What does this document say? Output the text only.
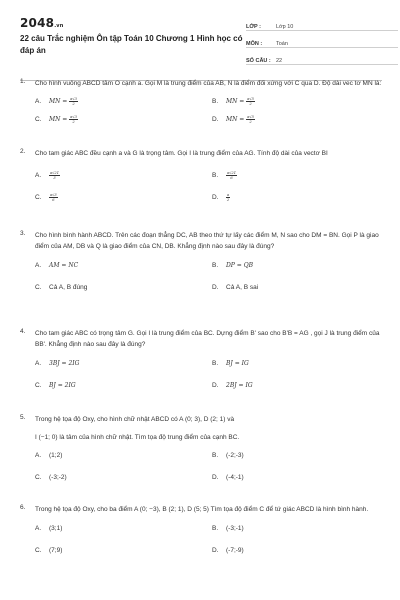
2048.vn
22 câu Trắc nghiệm Ôn tập Toán 10 Chương 1 Hình học có đáp án
LỚP :	Lớp 10
MÔN :	Toán
SỐ CÂU : 22
1. Cho hình vuông ABCD tâm O cạnh a. Gọi M là trung điểm của AB, N là điểm đối xứng với C qua D. Độ dài vec tơ MN là:
A. MN = $\frac{a√3}{2}$	B. MN = $\frac{a√5}{2}$
C. MN = $\frac{a√3}{2}$	D. MN = $\frac{a√5}{2}$
2. Cho tam giác ABC đều cạnh a và G là trọng tâm. Gọi I là trung điểm của AG. Tính độ dài của vectơ BI
A. $\frac{a√21}{3}$	B. $\frac{a√21}{6}$
C. $\frac{a√3}{6}$	D. $\frac{a}{2}$
3. Cho hình bình hành ABCD. Trên các đoạn thẳng DC, AB theo thứ tự lấy các điểm M, N sao cho DM = BN. Gọi P là giao điểm của AM, DB và Q là giao điểm của CN, DB. Khẳng định nào sau đây là đúng?
A. AM = NC	B. DP = QB
C. Cả A, B đúng	D. Cả A, B sai
4. Cho tam giác ABC có trọng tâm G. Gọi I là trung điểm của BC. Dựng điểm B' sao cho B'B = AG , gọi J là trung điểm của BB'. Khẳng định nào sau đây là đúng?
A. 3BJ = 2IG	B. BJ = IG
C. BJ = 2IG	D. 2BJ = IG
5. Trong hệ tọa độ Oxy, cho hình chữ nhật ABCD có A (0; 3), D (2; 1) và
I (−1; 0) là tâm của hình chữ nhật. Tìm tọa độ trung điểm của cạnh BC.
A. (1;2)	B. (-2;-3)
C. (-3;-2)	D. (-4;-1)
6. Trong hệ tọa độ Oxy, cho ba điểm A (0; −3), B (2; 1), D (5; 5) Tìm tọa độ điểm C để tứ giác ABCD là hình bình hành.
A. (3;1)	B. (-3;-1)
C. (7;9)	D. (-7;-9)
